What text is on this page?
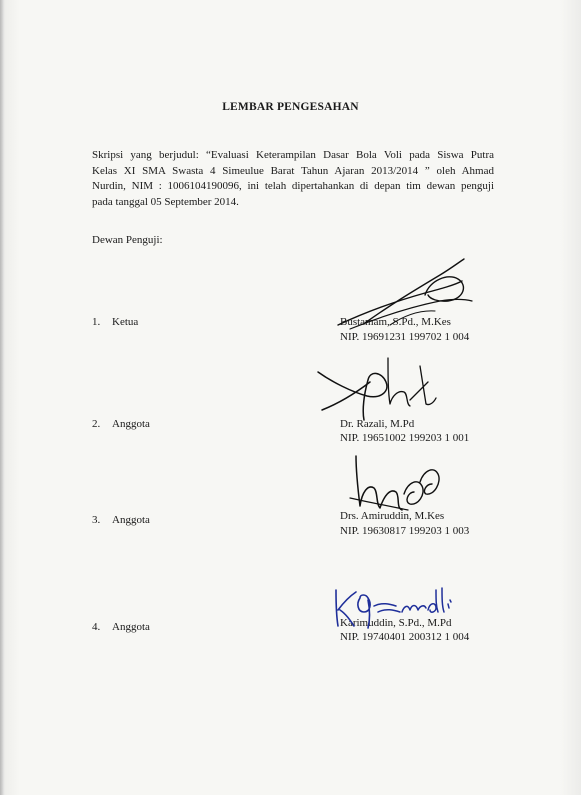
LEMBAR PENGESAHAN
Skripsi yang berjudul: “Evaluasi Keterampilan Dasar Bola Voli pada Siswa Putra
Kelas XI SMA Swasta 4 Simeulue Barat Tahun Ajaran 2013/2014 ” oleh Ahmad
Nurdin, NIM : 1006104190096, ini telah dipertahankan di depan tim dewan penguji
pada tanggal 05 September 2014.
Dewan Penguji:
1. Ketua	Bustamam, S.Pd., M.Kes
NIP. 19691231 199702 1 004
2. Anggota	Dr. Razali, M.Pd
NIP. 19651002 199203 1 001
3. Anggota	Drs. Amiruddin, M.Kes
NIP. 19630817 199203 1 003
4. Anggota	Karimuddin, S.Pd., M.Pd
NIP. 19740401 200312 1 004
